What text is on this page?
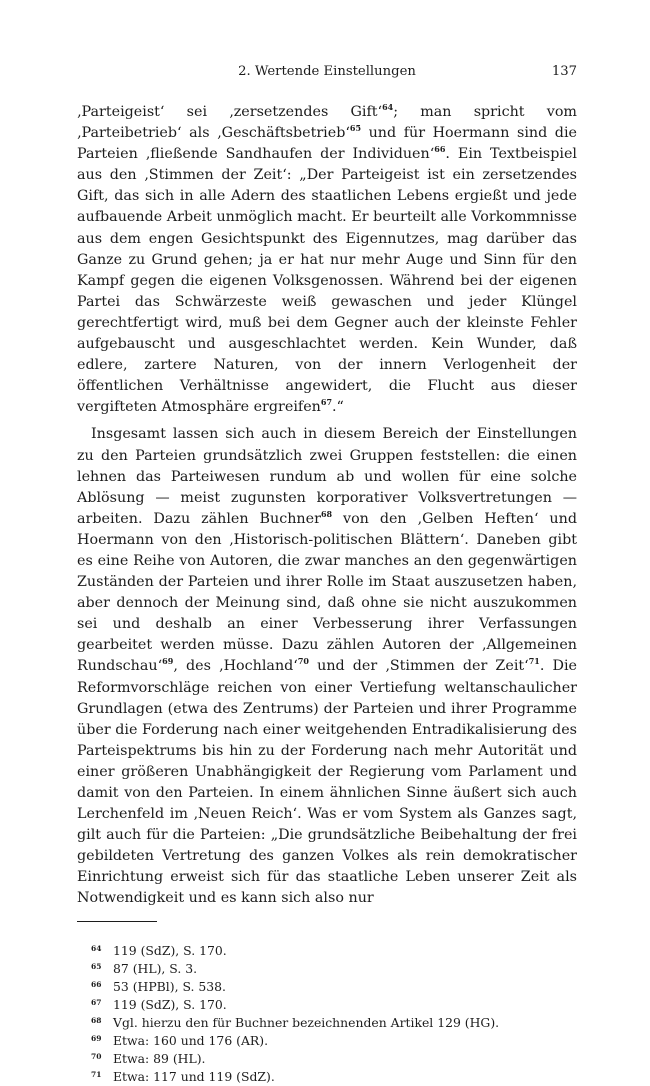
2. Wertende Einstellungen	137

‚Parteigeist‘ sei ‚zersetzendes Gift‘$^{64}$; man spricht vom ‚Parteibetrieb‘ als ‚Geschäftsbetrieb‘$^{65}$ und für Hoermann sind die Parteien ‚fließende Sandhaufen der Individuen‘$^{66}$. Ein Textbeispiel aus den ‚Stimmen der Zeit‘: „Der Parteigeist ist ein zersetzendes Gift, das sich in alle Adern des staatlichen Lebens ergießt und jede aufbauende Arbeit unmöglich macht. Er beurteilt alle Vorkommnisse aus dem engen Gesichtspunkt des Eigennutzes, mag darüber das Ganze zu Grund gehen; ja er hat nur mehr Auge und Sinn für den Kampf gegen die eigenen Volksgenossen. Während bei der eigenen Partei das Schwärzeste weiß gewaschen und jeder Klüngel gerechtfertigt wird, muß bei dem Gegner auch der kleinste Fehler aufgebauscht und ausgeschlachtet werden. Kein Wunder, daß edlere, zartere Naturen, von der innern Verlogenheit der öffentlichen Verhältnisse angewidert, die Flucht aus dieser vergifteten Atmosphäre ergreifen$^{67}$.“

Insgesamt lassen sich auch in diesem Bereich der Einstellungen zu den Parteien grundsätzlich zwei Gruppen feststellen: die einen lehnen das Parteiwesen rundum ab und wollen für eine solche Ablösung — meist zugunsten korporativer Volksvertretungen — arbeiten. Dazu zählen Buchner$^{68}$ von den ‚Gelben Heften‘ und Hoermann von den ‚Historisch-politischen Blättern‘. Daneben gibt es eine Reihe von Autoren, die zwar manches an den gegenwärtigen Zuständen der Parteien und ihrer Rolle im Staat auszusetzen haben, aber dennoch der Meinung sind, daß ohne sie nicht auszukommen sei und deshalb an einer Verbesserung ihrer Verfassungen gearbeitet werden müsse. Dazu zählen Autoren der ‚Allgemeinen Rundschau‘$^{69}$, des ‚Hochland‘$^{70}$ und der ‚Stimmen der Zeit‘$^{71}$. Die Reformvorschläge reichen von einer Vertiefung weltanschaulicher Grundlagen (etwa des Zentrums) der Parteien und ihrer Programme über die Forderung nach einer weitgehenden Entradikalisierung des Parteispektrums bis hin zu der Forderung nach mehr Autorität und einer größeren Unabhängigkeit der Regierung vom Parlament und damit von den Parteien. In einem ähnlichen Sinne äußert sich auch Lerchenfeld im ‚Neuen Reich‘. Was er vom System als Ganzes sagt, gilt auch für die Parteien: „Die grundsätzliche Beibehaltung der frei gebildeten Vertretung des ganzen Volkes als rein demokratischer Einrichtung erweist sich für das staatliche Leben unserer Zeit als Notwendigkeit und es kann sich also nur

$^{64}$ 119 (SdZ), S. 170.
$^{65}$ 87 (HL), S. 3.
$^{66}$ 53 (HPBl), S. 538.
$^{67}$ 119 (SdZ), S. 170.
$^{68}$ Vgl. hierzu den für Buchner bezeichnenden Artikel 129 (HG).
$^{69}$ Etwa: 160 und 176 (AR).
$^{70}$ Etwa: 89 (HL).
$^{71}$ Etwa: 117 und 119 (SdZ).
